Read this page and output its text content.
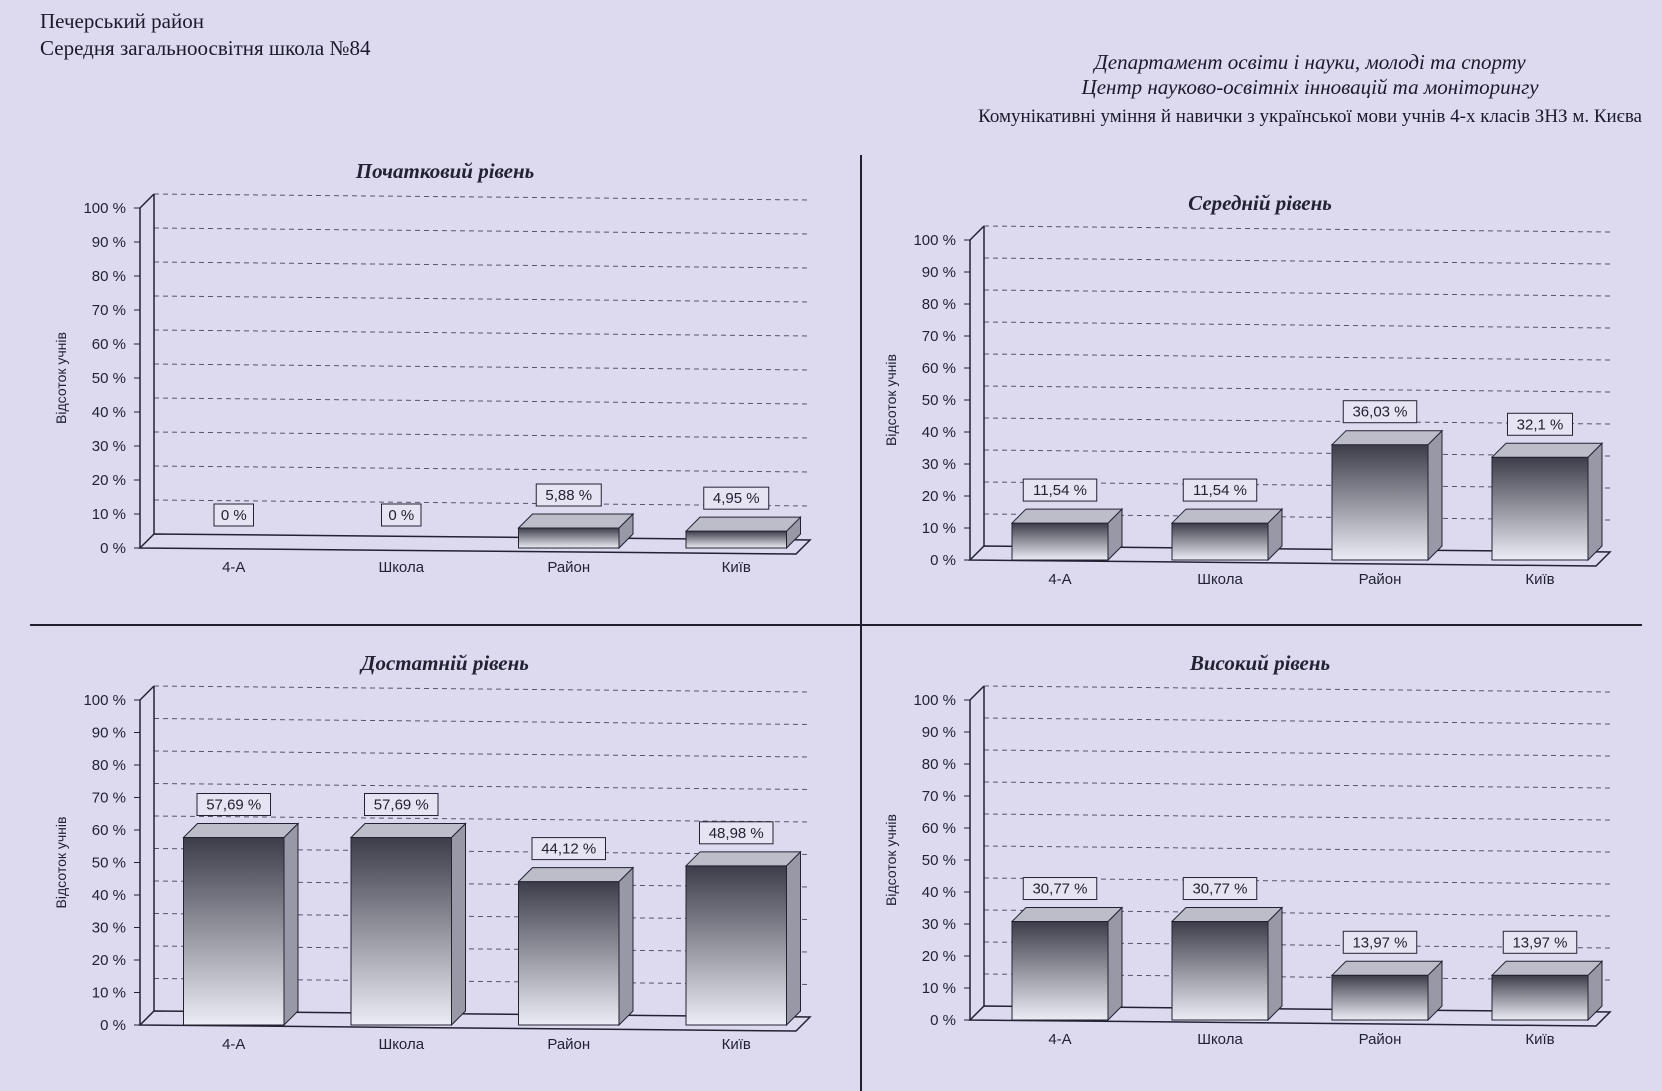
Печерський район
Середня загальноосвітня школа №84
Департамент освіти і науки, молоді та спорту
Центр науково-освітніх інновацій та моніторингу
Комунікативні уміння й навички з української мови учнів 4-х класів ЗНЗ м. Києва
Початковий рівень
Відсоток учнів
0 %
10 %
20 %
30 %
40 %
50 %
60 %
70 %
80 %
90 %
100 %
0 %
4-А
0 %
Школа
5,88 %
Район
4,95 %
Київ
Середній рівень
Відсоток учнів
0 %
10 %
20 %
30 %
40 %
50 %
60 %
70 %
80 %
90 %
100 %
11,54 %
4-А
11,54 %
Школа
36,03 %
Район
32,1 %
Київ
Достатній рівень
Відсоток учнів
0 %
10 %
20 %
30 %
40 %
50 %
60 %
70 %
80 %
90 %
100 %
57,69 %
4-А
57,69 %
Школа
44,12 %
Район
48,98 %
Київ
Високий рівень
Відсоток учнів
0 %
10 %
20 %
30 %
40 %
50 %
60 %
70 %
80 %
90 %
100 %
30,77 %
4-А
30,77 %
Школа
13,97 %
Район
13,97 %
Київ
